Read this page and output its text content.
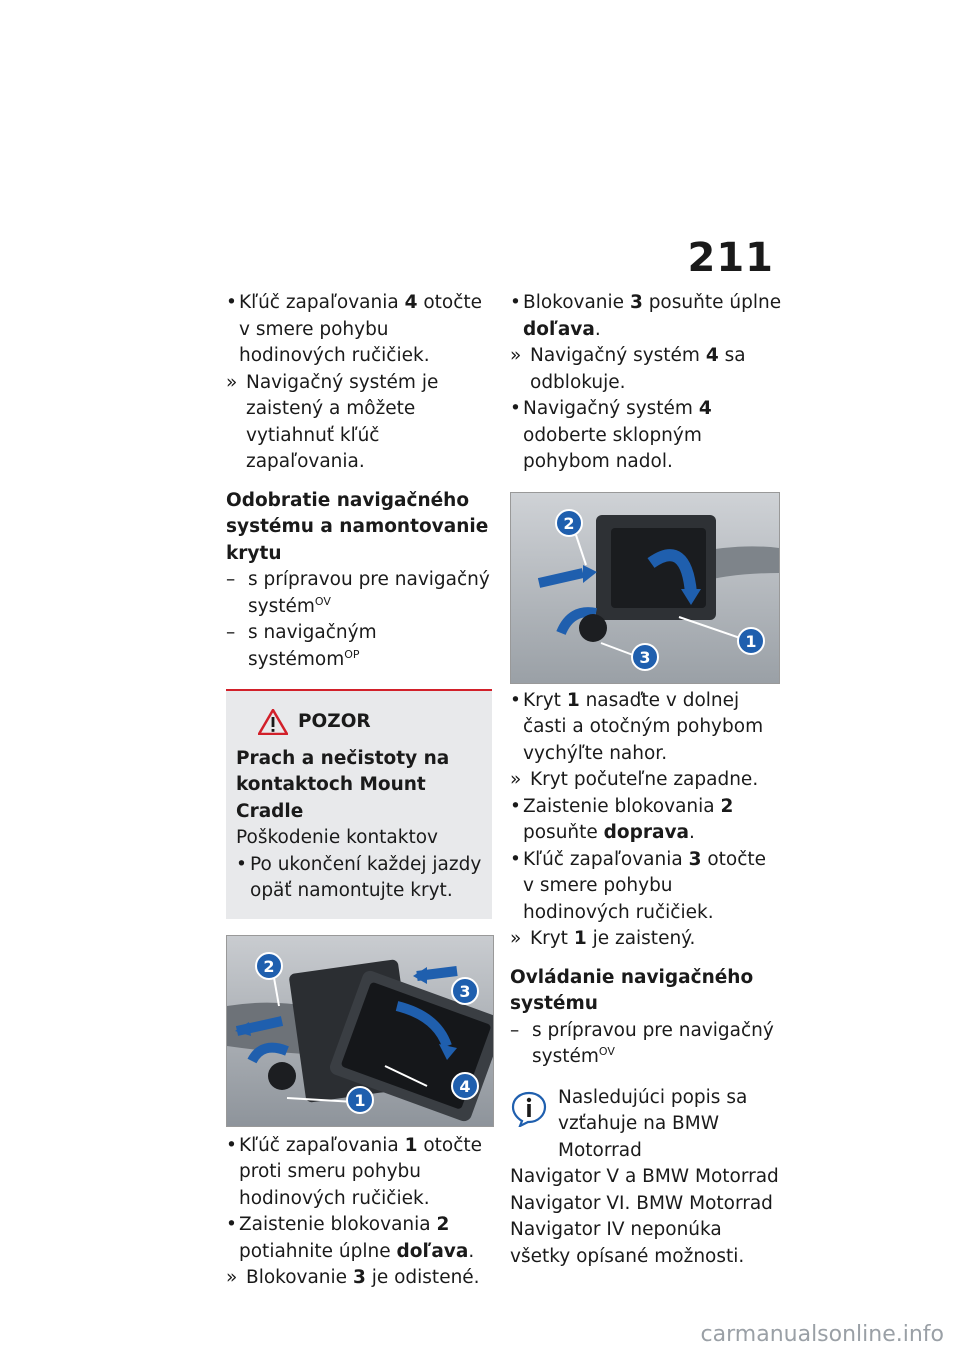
211
• Kľúč zapaľovania 4 otočte v smere pohybu hodinových ručičiek.
» Navigačný systém je zaistený a môžete vytiahnuť kľúč zapaľovania.
Odobratie navigačného systému a namontovanie krytu
– s prípravou pre navigačný systém$^{OV}$
– s navigačným systémom$^{OP}$
POZOR
Prach a nečistoty na kontaktoch Mount Cradle
Poškodenie kontaktov
• Po ukončení každej jazdy opäť namontujte kryt.
1
2
3
4
• Kľúč zapaľovania 1 otočte proti smeru pohybu hodinových ručičiek.
• Zaistenie blokovania 2 potiahnite úplne doľava.
» Blokovanie 3 je odistené.
• Blokovanie 3 posuňte úplne doľava.
» Navigačný systém 4 sa odblokuje.
• Navigačný systém 4 odoberte sklopným pohybom nadol.
1
2
3
• Kryt 1 nasaďte v dolnej časti a otočným pohybom vychýľte nahor.
» Kryt počuteľne zapadne.
• Zaistenie blokovania 2 posuňte doprava.
• Kľúč zapaľovania 3 otočte v smere pohybu hodinových ručičiek.
» Kryt 1 je zaistený.
Ovládanie navigačného systému
– s prípravou pre navigačný systém$^{OV}$
Nasledujúci popis sa vzťahuje na BMW Motorrad
Navigator V a BMW Motorrad Navigator VI. BMW Motorrad Navigator IV neponúka všetky opísané možnosti.
carmanualsonline.info
